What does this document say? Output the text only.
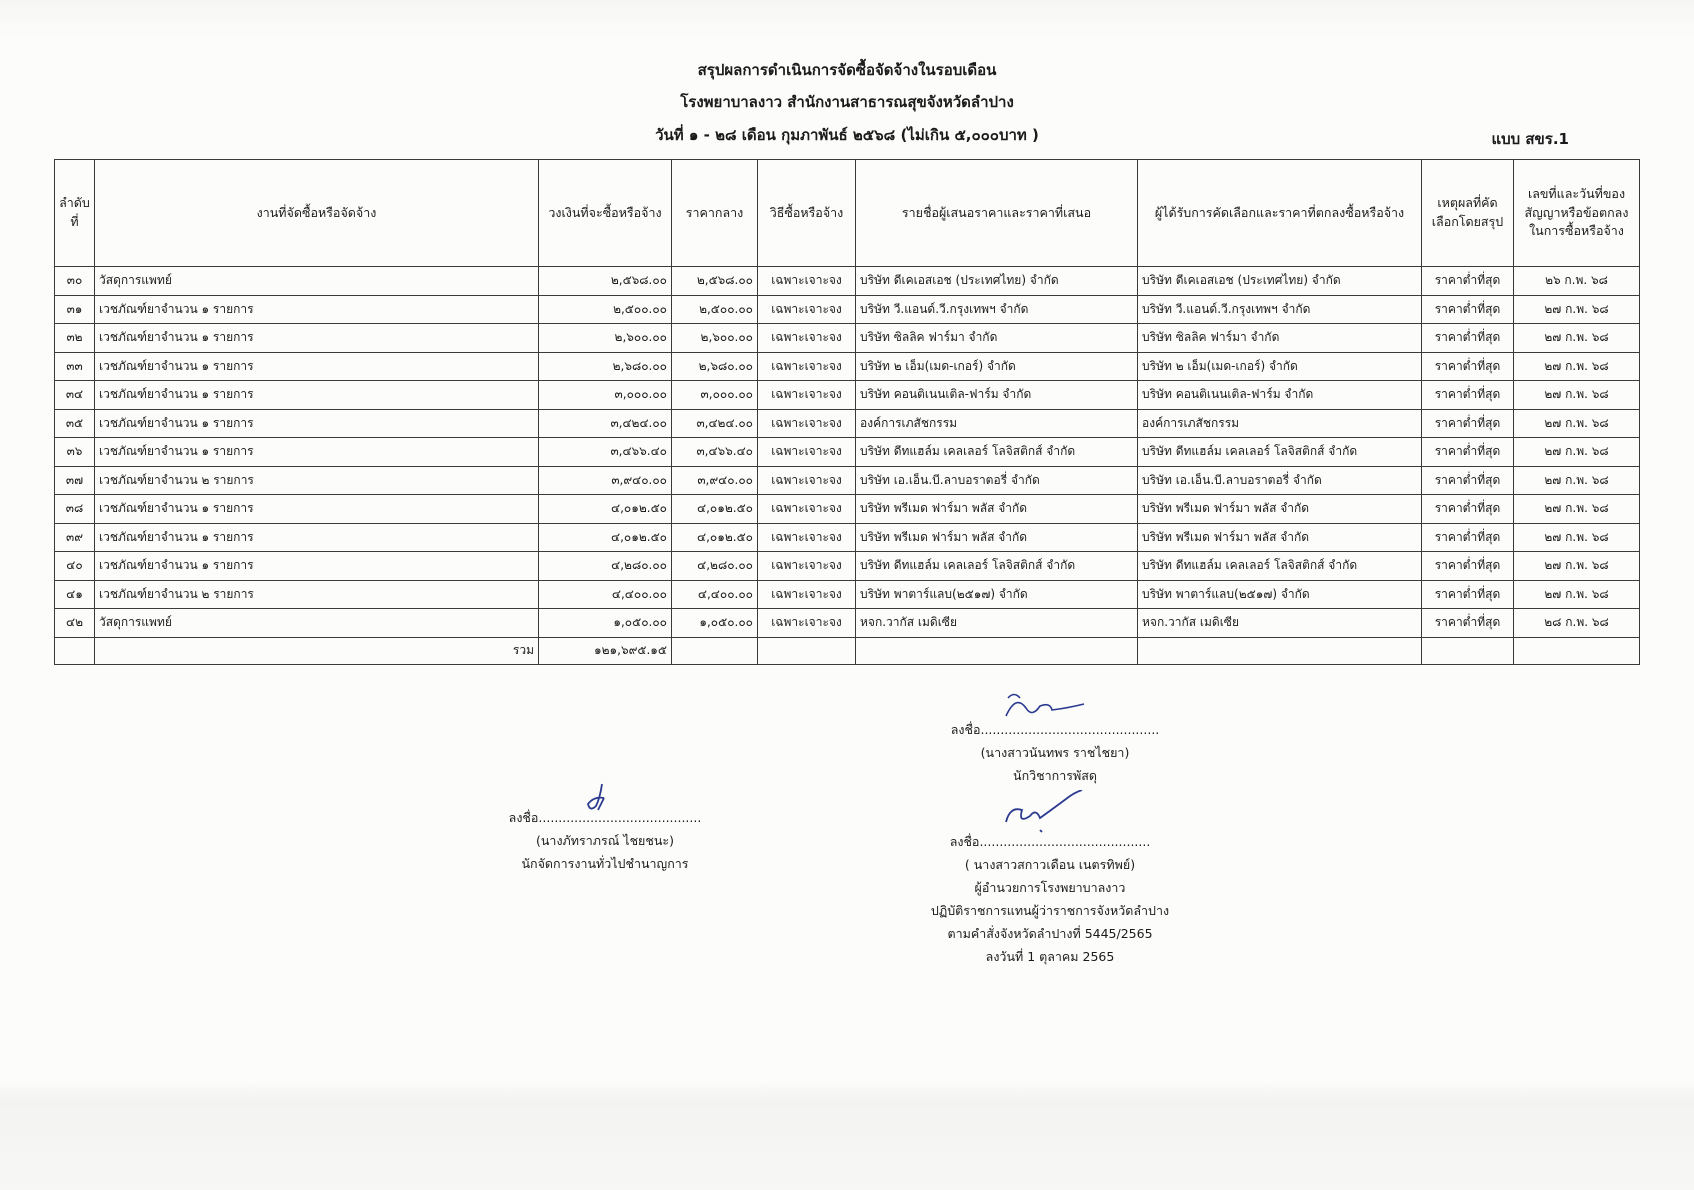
สรุปผลการดำเนินการจัดซื้อจัดจ้างในรอบเดือน
โรงพยาบาลงาว สำนักงานสาธารณสุขจังหวัดลำปาง
วันที่ ๑ - ๒๘ เดือน กุมภาพันธ์ ๒๕๖๘ (ไม่เกิน ๕,๐๐๐บาท )	แบบ สขร.1
ลำดับที่	งานที่จัดซื้อหรือจัดจ้าง	วงเงินที่จะซื้อหรือจ้าง	ราคากลาง	วิธีซื้อหรือจ้าง	รายชื่อผู้เสนอราคาและราคาที่เสนอ	ผู้ได้รับการคัดเลือกและราคาที่ตกลงซื้อหรือจ้าง	เหตุผลที่คัดเลือกโดยสรุป	เลขที่และวันที่ของสัญญาหรือข้อตกลงในการซื้อหรือจ้าง
๓๐	วัสดุการแพทย์	๒,๕๖๘.๐๐	๒,๕๖๘.๐๐	เฉพาะเจาะจง	บริษัท ดีเคเอสเอช (ประเทศไทย) จำกัด	บริษัท ดีเคเอสเอช (ประเทศไทย) จำกัด	ราคาต่ำที่สุด	๒๖ ก.พ. ๖๘
๓๑	เวชภัณฑ์ยาจำนวน ๑ รายการ	๒,๕๐๐.๐๐	๒,๕๐๐.๐๐	เฉพาะเจาะจง	บริษัท วี.แอนด์.วี.กรุงเทพฯ จำกัด	บริษัท วี.แอนด์.วี.กรุงเทพฯ จำกัด	ราคาต่ำที่สุด	๒๗ ก.พ. ๖๘
๓๒	เวชภัณฑ์ยาจำนวน ๑ รายการ	๒,๖๐๐.๐๐	๒,๖๐๐.๐๐	เฉพาะเจาะจง	บริษัท ซิลลิค ฟาร์มา จำกัด	บริษัท ซิลลิค ฟาร์มา จำกัด	ราคาต่ำที่สุด	๒๗ ก.พ. ๖๘
๓๓	เวชภัณฑ์ยาจำนวน ๑ รายการ	๒,๖๘๐.๐๐	๒,๖๘๐.๐๐	เฉพาะเจาะจง	บริษัท ๒ เอ็ม(เมด-เกอร์) จำกัด	บริษัท ๒ เอ็ม(เมด-เกอร์) จำกัด	ราคาต่ำที่สุด	๒๗ ก.พ. ๖๘
๓๔	เวชภัณฑ์ยาจำนวน ๑ รายการ	๓,๐๐๐.๐๐	๓,๐๐๐.๐๐	เฉพาะเจาะจง	บริษัท คอนติเนนเติล-ฟาร์ม จำกัด	บริษัท คอนติเนนเติล-ฟาร์ม จำกัด	ราคาต่ำที่สุด	๒๗ ก.พ. ๖๘
๓๕	เวชภัณฑ์ยาจำนวน ๑ รายการ	๓,๔๒๔.๐๐	๓,๔๒๔.๐๐	เฉพาะเจาะจง	องค์การเภสัชกรรม	องค์การเภสัชกรรม	ราคาต่ำที่สุด	๒๗ ก.พ. ๖๘
๓๖	เวชภัณฑ์ยาจำนวน ๑ รายการ	๓,๔๖๖.๔๐	๓,๔๖๖.๔๐	เฉพาะเจาะจง	บริษัท ดีทแฮล์ม เคลเลอร์ โลจิสติกส์ จำกัด	บริษัท ดีทแฮล์ม เคลเลอร์ โลจิสติกส์ จำกัด	ราคาต่ำที่สุด	๒๗ ก.พ. ๖๘
๓๗	เวชภัณฑ์ยาจำนวน ๒ รายการ	๓,๙๔๐.๐๐	๓,๙๔๐.๐๐	เฉพาะเจาะจง	บริษัท เอ.เอ็น.บี.ลาบอราตอรี่ จำกัด	บริษัท เอ.เอ็น.บี.ลาบอราตอรี่ จำกัด	ราคาต่ำที่สุด	๒๗ ก.พ. ๖๘
๓๘	เวชภัณฑ์ยาจำนวน ๑ รายการ	๔,๐๑๒.๕๐	๔,๐๑๒.๕๐	เฉพาะเจาะจง	บริษัท พรีเมด ฟาร์มา พลัส จำกัด	บริษัท พรีเมด ฟาร์มา พลัส จำกัด	ราคาต่ำที่สุด	๒๗ ก.พ. ๖๘
๓๙	เวชภัณฑ์ยาจำนวน ๑ รายการ	๔,๐๑๒.๕๐	๔,๐๑๒.๕๐	เฉพาะเจาะจง	บริษัท พรีเมด ฟาร์มา พลัส จำกัด	บริษัท พรีเมด ฟาร์มา พลัส จำกัด	ราคาต่ำที่สุด	๒๗ ก.พ. ๖๘
๔๐	เวชภัณฑ์ยาจำนวน ๑ รายการ	๔,๒๘๐.๐๐	๔,๒๘๐.๐๐	เฉพาะเจาะจง	บริษัท ดีทแฮล์ม เคลเลอร์ โลจิสติกส์ จำกัด	บริษัท ดีทแฮล์ม เคลเลอร์ โลจิสติกส์ จำกัด	ราคาต่ำที่สุด	๒๗ ก.พ. ๖๘
๔๑	เวชภัณฑ์ยาจำนวน ๒ รายการ	๔,๔๐๐.๐๐	๔,๔๐๐.๐๐	เฉพาะเจาะจง	บริษัท พาตาร์แลบ(๒๕๑๗) จำกัด	บริษัท พาตาร์แลบ(๒๕๑๗) จำกัด	ราคาต่ำที่สุด	๒๗ ก.พ. ๖๘
๔๒	วัสดุการแพทย์	๑,๐๕๐.๐๐	๑,๐๕๐.๐๐	เฉพาะเจาะจง	หจก.วากัส เมดิเซีย	หจก.วากัส เมดิเซีย	ราคาต่ำที่สุด	๒๘ ก.พ. ๖๘
	รวม	๑๒๑,๖๙๕.๑๕						
ลงชื่อ.............................................
(นางสาวนันทพร ราชไชยา)
นักวิชาการพัสดุ
ลงชื่อ.........................................
(นางภัทราภรณ์ ไชยชนะ)
นักจัดการงานทั่วไปชำนาญการ
ลงชื่อ...........................................
( นางสาวสกาวเดือน เนตรทิพย์)
ผู้อำนวยการโรงพยาบาลงาว
ปฏิบัติราชการแทนผู้ว่าราชการจังหวัดลำปาง
ตามคำสั่งจังหวัดลำปางที่ 5445/2565
ลงวันที่ 1 ตุลาคม 2565
